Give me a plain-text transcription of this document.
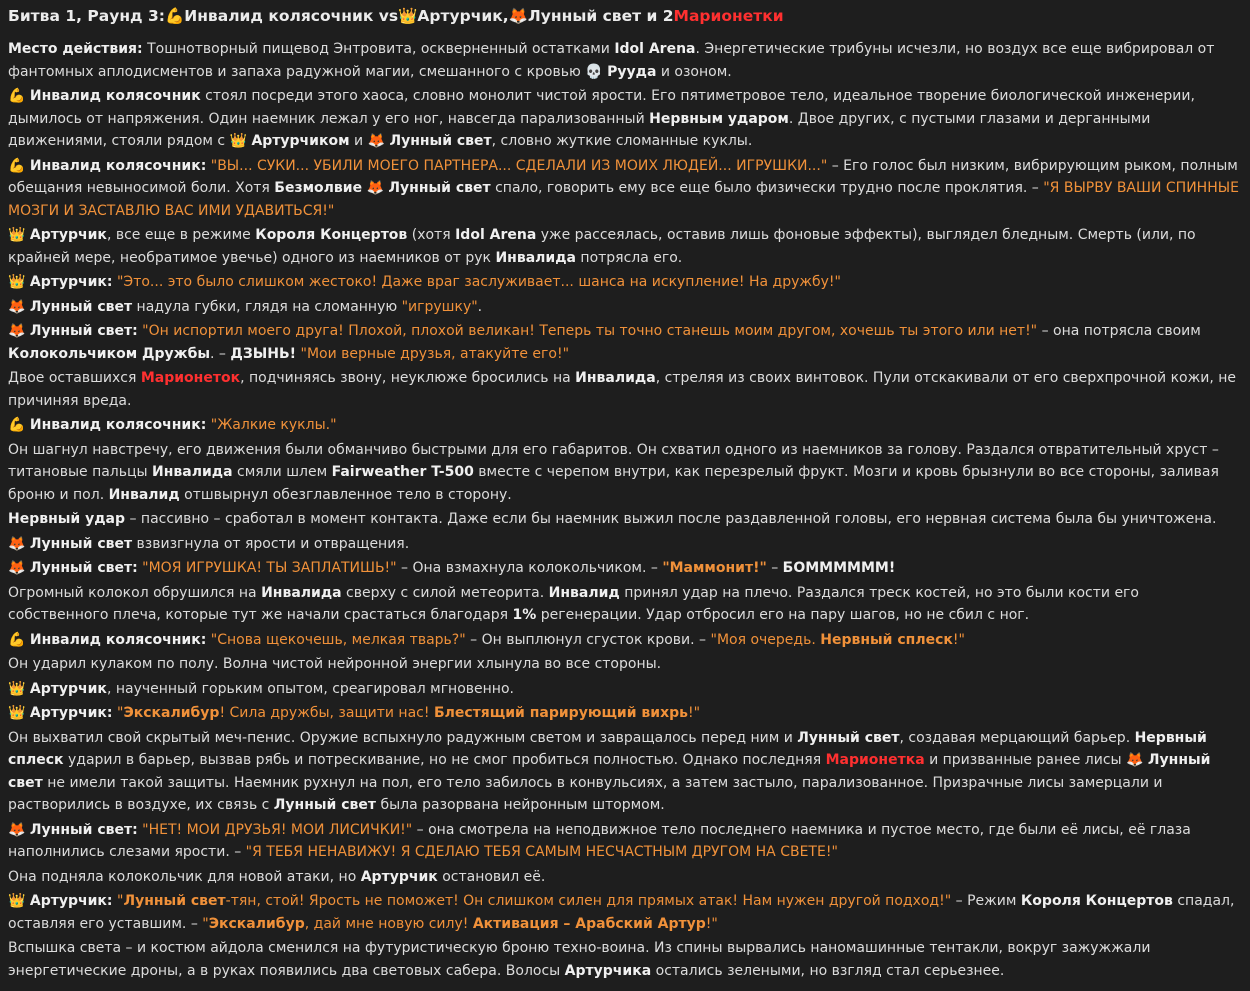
Битва 1, Раунд 3: 💪 Инвалид колясочник vs 👑 Артурчик, 🦊 Лунный свет и 2 Марионетки
Место действия: Тошнотворный пищевод Энтровита, оскверненный остатками Idol Arena. Энергетические трибуны исчезли, но воздух все еще вибрировал от фантомных аплодисментов и запаха радужной магии, смешанного с кровью 💀 Рууда и озоном.
💪 Инвалид колясочник стоял посреди этого хаоса, словно монолит чистой ярости. Его пятиметровое тело, идеальное творение биологической инженерии, дымилось от напряжения. Один наемник лежал у его ног, навсегда парализованный Нервным ударом. Двое других, с пустыми глазами и дерганными движениями, стояли рядом с 👑 Артурчиком и 🦊 Лунный свет, словно жуткие сломанные куклы.
💪 Инвалид колясочник: "ВЫ... СУКИ... УБИЛИ МОЕГО ПАРТНЕРА... СДЕЛАЛИ ИЗ МОИХ ЛЮДЕЙ... ИГРУШКИ..." – Его голос был низким, вибрирующим рыком, полным обещания невыносимой боли. Хотя Безмолвие 🦊 Лунный свет спало, говорить ему все еще было физически трудно после проклятия. – "Я ВЫРВУ ВАШИ СПИННЫЕ МОЗГИ И ЗАСТАВЛЮ ВАС ИМИ УДАВИТЬСЯ!"
👑 Артурчик, все еще в режиме Короля Концертов (хотя Idol Arena уже рассеялась, оставив лишь фоновые эффекты), выглядел бледным. Смерть (или, по крайней мере, необратимое увечье) одного из наемников от рук Инвалида потрясла его.
👑 Артурчик: "Это... это было слишком жестоко! Даже враг заслуживает... шанса на искупление! На дружбу!"
🦊 Лунный свет надула губки, глядя на сломанную "игрушку".
🦊 Лунный свет: "Он испортил моего друга! Плохой, плохой великан! Теперь ты точно станешь моим другом, хочешь ты этого или нет!" – она потрясла своим Колокольчиком Дружбы. – ДЗЫНЬ! "Мои верные друзья, атакуйте его!"
Двое оставшихся Марионеток, подчиняясь звону, неуклюже бросились на Инвалида, стреляя из своих винтовок. Пули отскакивали от его сверхпрочной кожи, не причиняя вреда.
💪 Инвалид колясочник: "Жалкие куклы."
Он шагнул навстречу, его движения были обманчиво быстрыми для его габаритов. Он схватил одного из наемников за голову. Раздался отвратительный хруст – титановые пальцы Инвалида смяли шлем Fairweather T-500 вместе с черепом внутри, как перезрелый фрукт. Мозги и кровь брызнули во все стороны, заливая броню и пол. Инвалид отшвырнул обезглавленное тело в сторону.
Нервный удар – пассивно – сработал в момент контакта. Даже если бы наемник выжил после раздавленной головы, его нервная система была бы уничтожена.
🦊 Лунный свет взвизгнула от ярости и отвращения.
🦊 Лунный свет: "МОЯ ИГРУШКА! ТЫ ЗАПЛАТИШЬ!" – Она взмахнула колокольчиком. – "Маммонит!" – БОММММММ!
Огромный колокол обрушился на Инвалида сверху с силой метеорита. Инвалид принял удар на плечо. Раздался треск костей, но это были кости его собственного плеча, которые тут же начали срастаться благодаря 1% регенерации. Удар отбросил его на пару шагов, но не сбил с ног.
💪 Инвалид колясочник: "Снова щекочешь, мелкая тварь?" – Он выплюнул сгусток крови. – "Моя очередь. Нервный сплеск!"
Он ударил кулаком по полу. Волна чистой нейронной энергии хлынула во все стороны.
👑 Артурчик, наученный горьким опытом, среагировал мгновенно.
👑 Артурчик: "Экскалибур! Сила дружбы, защити нас! Блестящий парирующий вихрь!"
Он выхватил свой скрытый меч-пенис. Оружие вспыхнуло радужным светом и завращалось перед ним и Лунный свет, создавая мерцающий барьер. Нервный сплеск ударил в барьер, вызвав рябь и потрескивание, но не смог пробиться полностью. Однако последняя Марионетка и призванные ранее лисы 🦊 Лунный свет не имели такой защиты. Наемник рухнул на пол, его тело забилось в конвульсиях, а затем застыло, парализованное. Призрачные лисы замерцали и растворились в воздухе, их связь с Лунный свет была разорвана нейронным штормом.
🦊 Лунный свет: "НЕТ! МОИ ДРУЗЬЯ! МОИ ЛИСИЧКИ!" – она смотрела на неподвижное тело последнего наемника и пустое место, где были её лисы, её глаза наполнились слезами ярости. – "Я ТЕБЯ НЕНАВИЖУ! Я СДЕЛАЮ ТЕБЯ САМЫМ НЕСЧАСТНЫМ ДРУГОМ НА СВЕТЕ!"
Она подняла колокольчик для новой атаки, но Артурчик остановил её.
👑 Артурчик: "Лунный свет-тян, стой! Ярость не поможет! Он слишком силен для прямых атак! Нам нужен другой подход!" – Режим Короля Концертов спадал, оставляя его уставшим. – "Экскалибур, дай мне новую силу! Активация – Арабский Артур!"
Вспышка света – и костюм айдола сменился на футуристическую броню техно-воина. Из спины вырвались наномашинные тентакли, вокруг зажужжали энергетические дроны, а в руках появились два световых сабера. Волосы Артурчика остались зелеными, но взгляд стал серьезнее.
